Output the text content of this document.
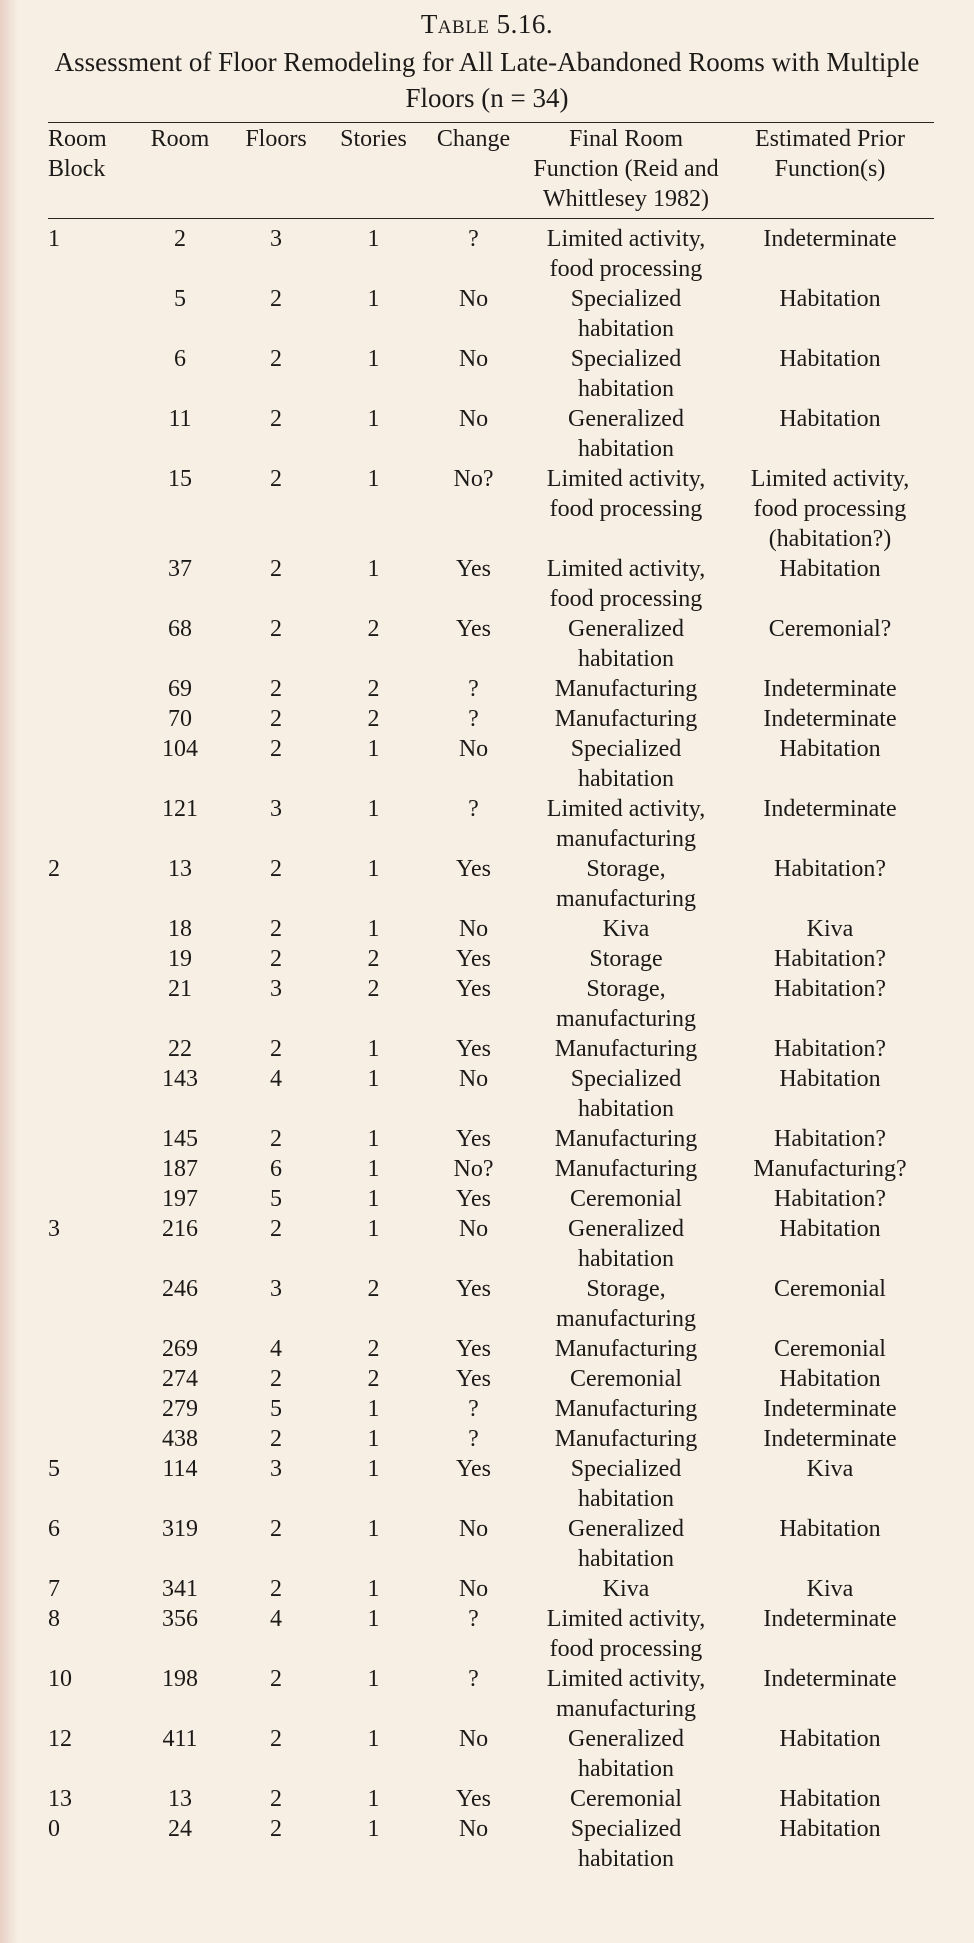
Table 5.16.
Assessment of Floor Remodeling for All Late-Abandoned Rooms with Multiple Floors (n = 34)
Room Block	Room	Floors	Stories	Change	Final Room Function (Reid and Whittlesey 1982)	Estimated Prior Function(s)
1	2	3	1	?	Limited activity, food processing	Indeterminate
	5	2	1	No	Specialized habitation	Habitation
	6	2	1	No	Specialized habitation	Habitation
	11	2	1	No	Generalized habitation	Habitation
	15	2	1	No?	Limited activity, food processing	Limited activity, food processing (habitation?)
	37	2	1	Yes	Limited activity, food processing	Habitation
	68	2	2	Yes	Generalized habitation	Ceremonial?
	69	2	2	?	Manufacturing	Indeterminate
	70	2	2	?	Manufacturing	Indeterminate
	104	2	1	No	Specialized habitation	Habitation
	121	3	1	?	Limited activity, manufacturing	Indeterminate
2	13	2	1	Yes	Storage, manufacturing	Habitation?
	18	2	1	No	Kiva	Kiva
	19	2	2	Yes	Storage	Habitation?
	21	3	2	Yes	Storage, manufacturing	Habitation?
	22	2	1	Yes	Manufacturing	Habitation?
	143	4	1	No	Specialized habitation	Habitation
	145	2	1	Yes	Manufacturing	Habitation?
	187	6	1	No?	Manufacturing	Manufacturing?
	197	5	1	Yes	Ceremonial	Habitation?
3	216	2	1	No	Generalized habitation	Habitation
	246	3	2	Yes	Storage, manufacturing	Ceremonial
	269	4	2	Yes	Manufacturing	Ceremonial
	274	2	2	Yes	Ceremonial	Habitation
	279	5	1	?	Manufacturing	Indeterminate
	438	2	1	?	Manufacturing	Indeterminate
5	114	3	1	Yes	Specialized habitation	Kiva
6	319	2	1	No	Generalized habitation	Habitation
7	341	2	1	No	Kiva	Kiva
8	356	4	1	?	Limited activity, food processing	Indeterminate
10	198	2	1	?	Limited activity, manufacturing	Indeterminate
12	411	2	1	No	Generalized habitation	Habitation
13	13	2	1	Yes	Ceremonial	Habitation
0	24	2	1	No	Specialized habitation	Habitation
